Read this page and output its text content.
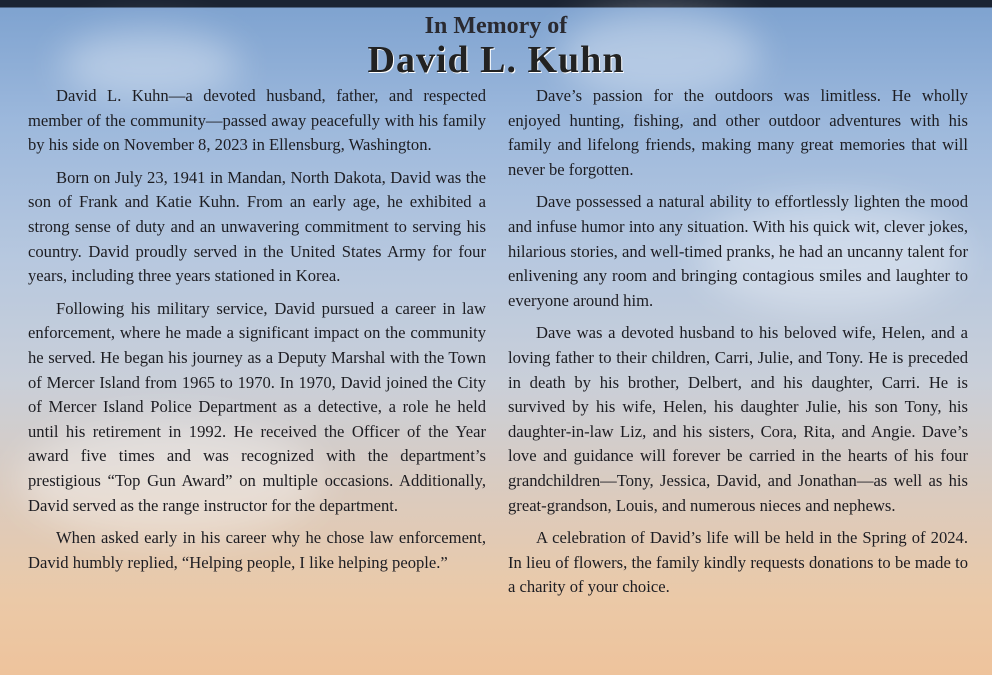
In Memory of
David L. Kuhn

David L. Kuhn—a devoted husband, father, and respected member of the community—passed away peacefully with his family by his side on November 8, 2023 in Ellensburg, Washington.

Born on July 23, 1941 in Mandan, North Dakota, David was the son of Frank and Katie Kuhn. From an early age, he exhibited a strong sense of duty and an unwavering commitment to serving his country. David proudly served in the United States Army for four years, including three years stationed in Korea.

Following his military service, David pursued a career in law enforcement, where he made a significant impact on the community he served. He began his journey as a Deputy Marshal with the Town of Mercer Island from 1965 to 1970. In 1970, David joined the City of Mercer Island Police Department as a detective, a role he held until his retirement in 1992. He received the Officer of the Year award five times and was recognized with the department’s prestigious “Top Gun Award” on multiple occasions. Additionally, David served as the range instructor for the department.

When asked early in his career why he chose law enforcement, David humbly replied, “Helping people, I like helping people.”

Dave’s passion for the outdoors was limitless. He wholly enjoyed hunting, fishing, and other outdoor adventures with his family and lifelong friends, making many great memories that will never be forgotten.

Dave possessed a natural ability to effortlessly lighten the mood and infuse humor into any situation. With his quick wit, clever jokes, hilarious stories, and well-timed pranks, he had an uncanny talent for enlivening any room and bringing contagious smiles and laughter to everyone around him.

Dave was a devoted husband to his beloved wife, Helen, and a loving father to their children, Carri, Julie, and Tony. He is preceded in death by his brother, Delbert, and his daughter, Carri. He is survived by his wife, Helen, his daughter Julie, his son Tony, his daughter-in-law Liz, and his sisters, Cora, Rita, and Angie. Dave’s love and guidance will forever be carried in the hearts of his four grandchildren—Tony, Jessica, David, and Jonathan—as well as his great-grandson, Louis, and numerous nieces and nephews.

A celebration of David’s life will be held in the Spring of 2024. In lieu of flowers, the family kindly requests donations to be made to a charity of your choice.
